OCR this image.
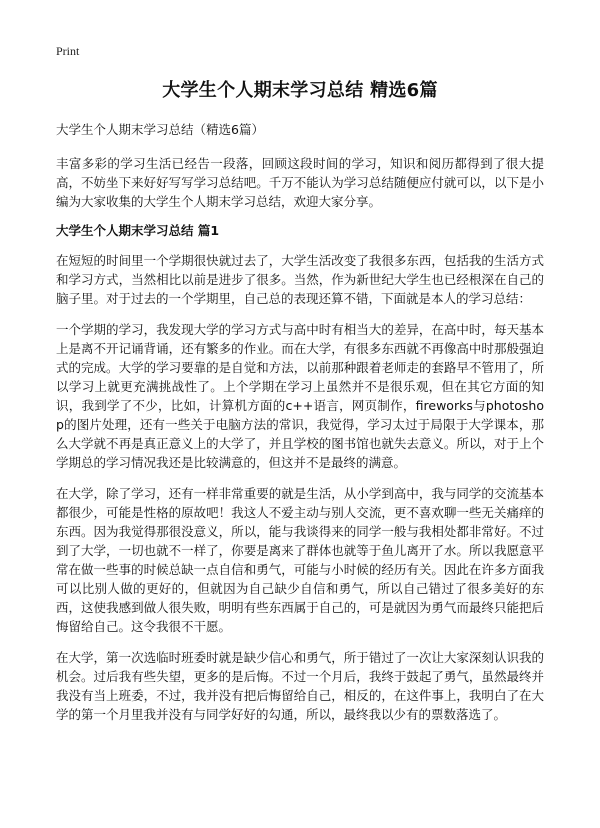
Print
大学生个人期末学习总结 精选6篇

大学生个人期末学习总结（精选6篇）

丰富多彩的学习生活已经告一段落，回顾这段时间的学习，知识和阅历都得到了很大提高，不妨坐下来好好写写学习总结吧。千万不能认为学习总结随便应付就可以，以下是小编为大家收集的大学生个人期末学习总结，欢迎大家分享。

大学生个人期末学习总结 篇1

在短短的时间里一个学期很快就过去了，大学生活改变了我很多东西，包括我的生活方式和学习方式，当然相比以前是进步了很多。当然，作为新世纪大学生也已经根深在自己的脑子里。对于过去的一个学期里，自己总的表现还算不错，下面就是本人的学习总结：

一个学期的学习，我发现大学的学习方式与高中时有相当大的差异，在高中时，每天基本上是离不开记诵背诵，还有繁多的作业。而在大学，有很多东西就不再像高中时那般强迫式的完成。大学的学习要靠的是自觉和方法，以前那种跟着老师走的套路早不管用了，所以学习上就更充满挑战性了。上个学期在学习上虽然并不是很乐观，但在其它方面的知识，我到学了不少，比如，计算机方面的c++语言，网页制作，fireworks与photoshop的图片处理，还有一些关于电脑方法的常识，我觉得，学习太过于局限于大学课本，那么大学就不再是真正意义上的大学了，并且学校的图书馆也就失去意义。所以，对于上个学期总的学习情况我还是比较满意的，但这并不是最终的满意。

在大学，除了学习，还有一样非常重要的就是生活，从小学到高中，我与同学的交流基本都很少，可能是性格的原故吧！我这人不爱主动与别人交流，更不喜欢聊一些无关痛痒的东西。因为我觉得那很没意义，所以，能与我谈得来的同学一般与我相处都非常好。不过到了大学，一切也就不一样了，你要是离来了群体也就等于鱼儿离开了水。所以我愿意平常在做一些事的时候总缺一点自信和勇气，可能与小时候的经历有关。因此在许多方面我可以比别人做的更好的，但就因为自己缺少自信和勇气，所以自己错过了很多美好的东西，这使我感到做人很失败，明明有些东西属于自己的，可是就因为勇气而最终只能把后悔留给自己。这令我很不干愿。

在大学，第一次选临时班委时就是缺少信心和勇气，所于错过了一次让大家深刻认识我的机会。过后我有些失望，更多的是后悔。不过一个月后，我终于鼓起了勇气，虽然最终并我没有当上班委，不过，我并没有把后悔留给自己，相反的，在这件事上，我明白了在大学的第一个月里我并没有与同学好好的勾通，所以，最终我以少有的票数落选了。
